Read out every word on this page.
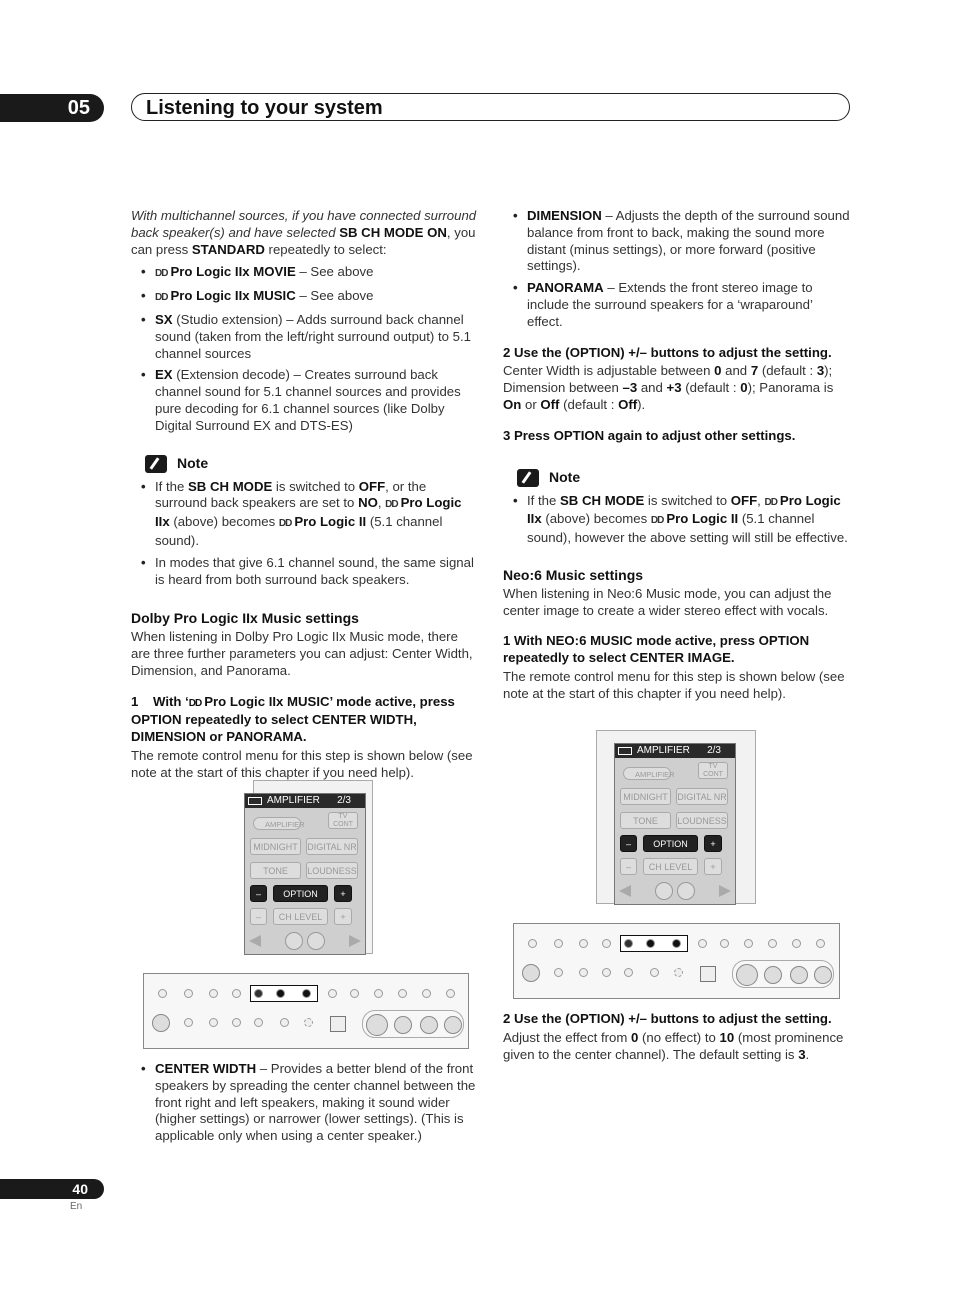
05	Listening to your system

With multichannel sources, if you have connected surround back speaker(s) and have selected SB CH MODE ON, you can press STANDARD repeatedly to select:

• DD Pro Logic IIx MOVIE – See above
• DD Pro Logic IIx MUSIC – See above
• SX (Studio extension) – Adds surround back channel sound (taken from the left/right surround output) to 5.1 channel sources
• EX (Extension decode) – Creates surround back channel sound for 5.1 channel sources and provides pure decoding for 6.1 channel sources (like Dolby Digital Surround EX and DTS-ES)
Note
• If the SB CH MODE is switched to OFF, or the surround back speakers are set to NO, DD Pro Logic IIx (above) becomes DD Pro Logic II (5.1 channel sound).
• In modes that give 6.1 channel sound, the same signal is heard from both surround back speakers.
Dolby Pro Logic IIx Music settings

When listening in Dolby Pro Logic IIx Music mode, there are three further parameters you can adjust: Center Width, Dimension, and Panorama.

1 With ‘DD Pro Logic IIx MUSIC’ mode active, press OPTION repeatedly to select CENTER WIDTH, DIMENSION or PANORAMA.

The remote control menu for this step is shown below (see note at the start of this chapter if you need help).

AMPLIFIER 2/3
AMPLIFIER
TV CONT
MIDNIGHT	DIGITAL NR
TONE	LOUDNESS
–	OPTION	+
–	CH LEVEL	+
• CENTER WIDTH – Provides a better blend of the front speakers by spreading the center channel between the front right and left speakers, making it sound wider (higher settings) or narrower (lower settings). (This is applicable only when using a center speaker.)
• DIMENSION – Adjusts the depth of the surround sound balance from front to back, making the sound more distant (minus settings), or more forward (positive settings).
• PANORAMA – Extends the front stereo image to include the surround speakers for a ‘wraparound’ effect.
2 Use the (OPTION) +/– buttons to adjust the setting.

Center Width is adjustable between 0 and 7 (default : 3); Dimension between –3 and +3 (default : 0); Panorama is On or Off (default : Off).

3 Press OPTION again to adjust other settings.
Note
• If the SB CH MODE is switched to OFF, DD Pro Logic IIx (above) becomes DD Pro Logic II (5.1 channel sound), however the above setting will still be effective.
Neo:6 Music settings

When listening in Neo:6 Music mode, you can adjust the center image to create a wider stereo effect with vocals.

1 With NEO:6 MUSIC mode active, press OPTION repeatedly to select CENTER IMAGE.

The remote control menu for this step is shown below (see note at the start of this chapter if you need help).

AMPLIFIER 2/3
AMPLIFIER
TV CONT
MIDNIGHT	DIGITAL NR
TONE	LOUDNESS
–	OPTION	+
–	CH LEVEL	+
2 Use the (OPTION) +/– buttons to adjust the setting.

Adjust the effect from 0 (no effect) to 10 (most prominence given to the center channel). The default setting is 3.

40
En
